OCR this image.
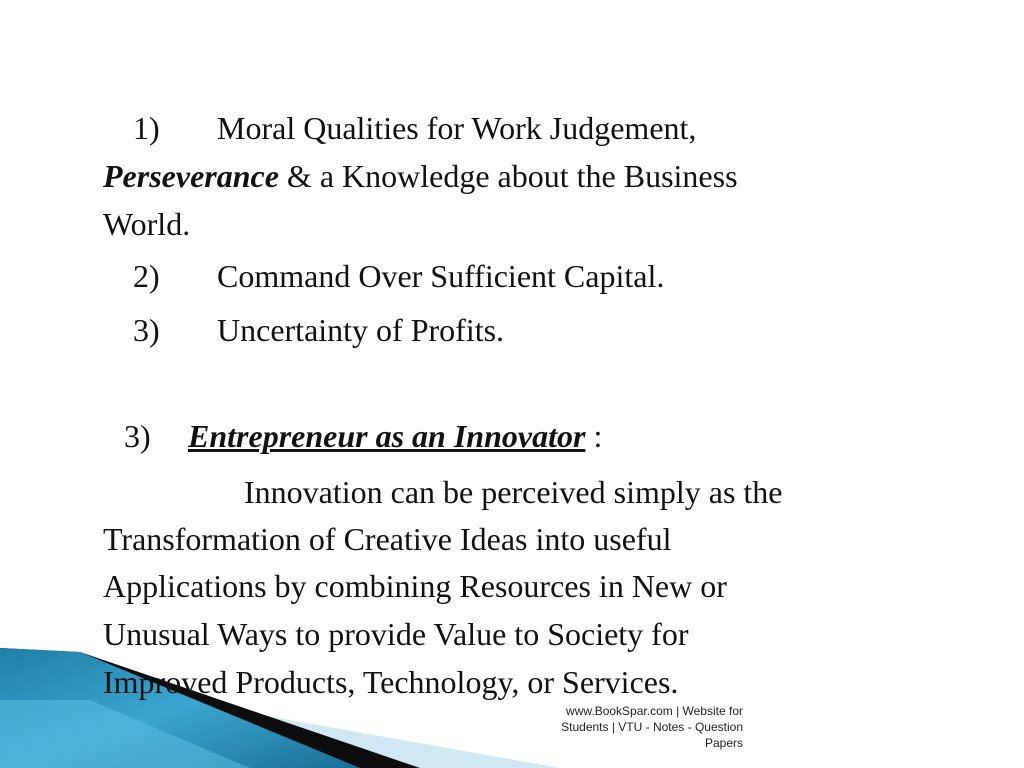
1) Moral Qualities for Work Judgement,
Perseverance & a Knowledge about the Business
World.
2) Command Over Sufficient Capital.
3) Uncertainty of Profits.
3) Entrepreneur as an Innovator :
Innovation can be perceived simply as the
Transformation of Creative Ideas into useful
Applications by combining Resources in New or
Unusual Ways to provide Value to Society for
Improved Products, Technology, or Services.
www.BookSpar.com | Website for
Students | VTU - Notes - Question
Papers
